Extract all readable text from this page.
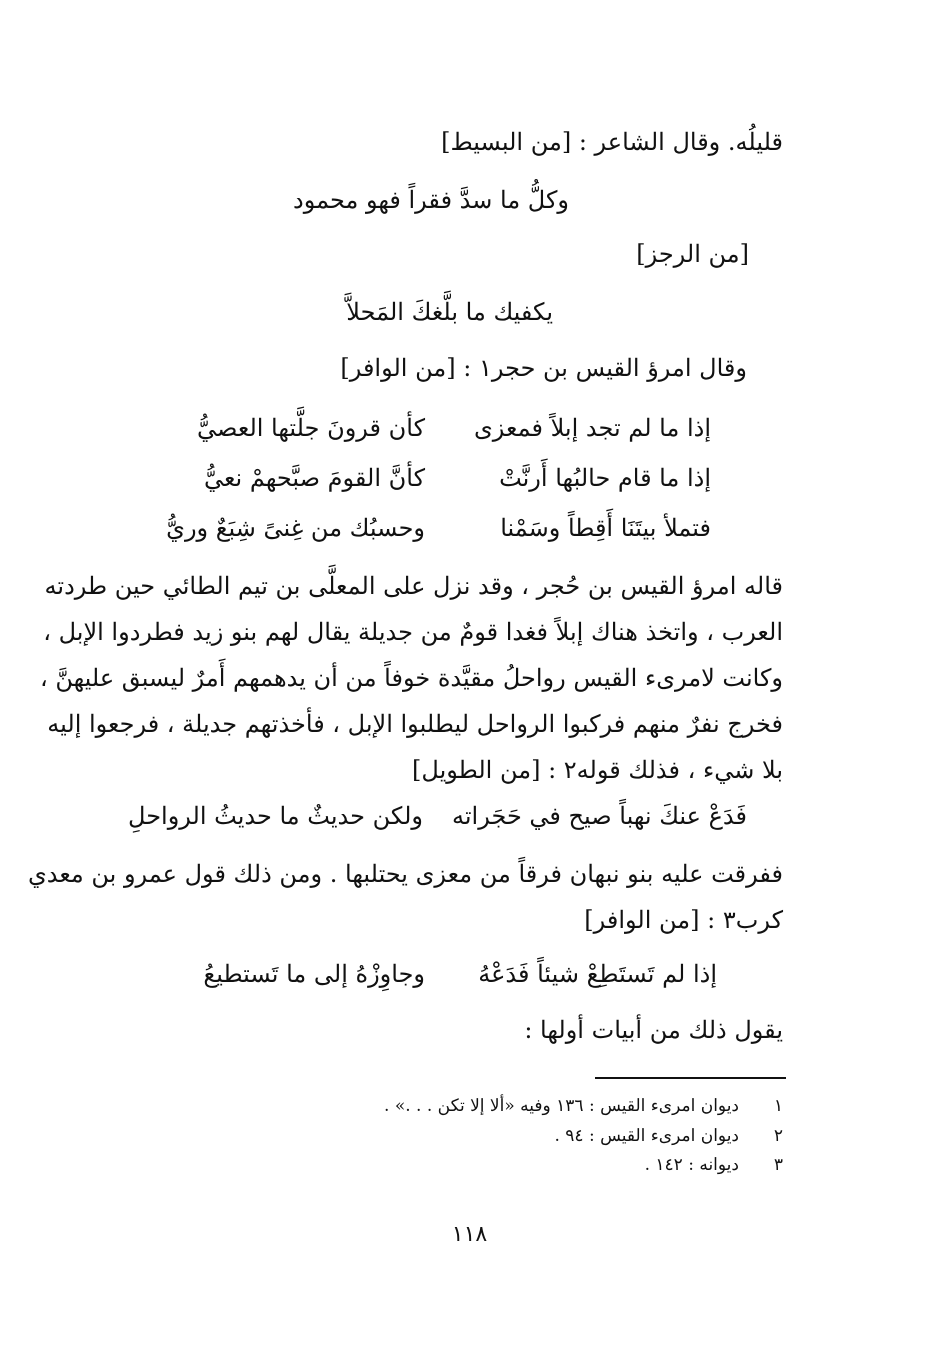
قليلُه. وقال الشاعر : [من البسيط]
وكلُّ ما سدَّ فقراً فهو محمود
[من الرجز]
يكفيك ما بلَّغكَ المَحلاَّ
وقال امرؤ القيس بن حجر١ : [من الوافر]
إذا ما لم تجد إبلاً فمعزى
كأن قرونَ جلَّتها العصيُّ
إذا ما قام حالبُها أَرنَّتْ
كأنَّ القومَ صبَّحهمْ نعيُّ
فتملأ بيتَنَا أَقِطاً وسَمْنا
وحسبُك من غِنىً شِبَعٌ وريُّ
قاله امرؤ القيس بن حُجر ، وقد نزل على المعلَّى بن تيم الطائي حين طردته
العرب ، واتخذ هناك إبلاً فغدا قومٌ من جديلة يقال لهم بنو زيد فطردوا الإبل ،
وكانت لامرىء القيس رواحلُ مقيَّدة خوفاً من أن يدهمهم أَمرٌ ليسبق عليهنَّ ،
فخرج نفرٌ منهم فركبوا الرواحل ليطلبوا الإبل ، فأخذتهم جديلة ، فرجعوا إليه
بلا شيء ، فذلك قوله٢ : [من الطويل]
فَدَعْ عنكَ نهباً صيح في حَجَراته
ولكن حديثٌ ما حديثُ الرواحلِ
ففرقت عليه بنو نبهان فرقاً من معزى يحتلبها . ومن ذلك قول عمرو بن معدي
كرب٣ : [من الوافر]
إذا لم تَستَطِعْ شيئاً فَدَعْهُ
وجاوِزْهُ إلى ما تَستطيعُ
يقول ذلك من أبيات أولها :
١
ديوان امرىء القيس : ١٣٦ وفيه «ألا إلا تكن . . .» .
٢
ديوان امرىء القيس : ٩٤ .
٣
ديوانه : ١٤٢ .
١١٨
